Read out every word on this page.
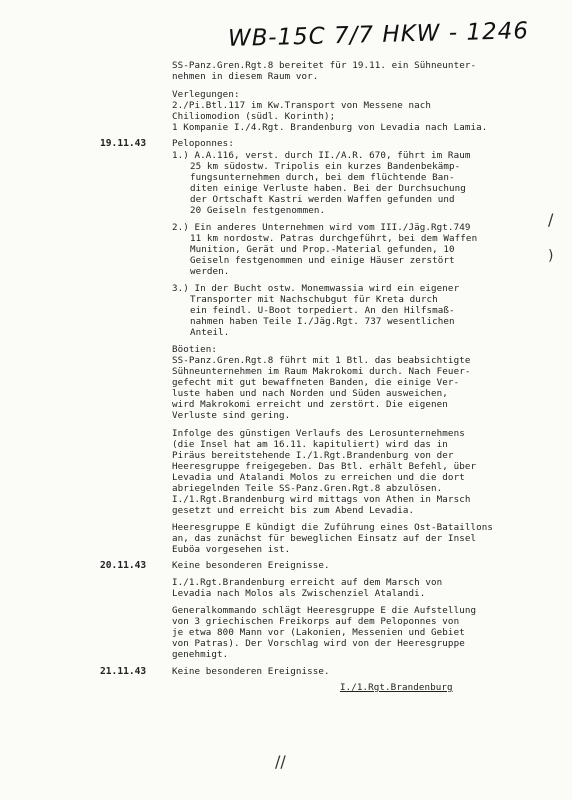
WB-15C 7/7 HKW - 1246
SS-Panz.Gren.Rgt.8 bereitet für 19.11. ein Sühneunter-
nehmen in diesem Raum vor.
Verlegungen:
2./Pi.Btl.117 im Kw.Transport von Messene nach
Chiliomodion (südl. Korinth);
1 Kompanie I./4.Rgt. Brandenburg von Levadia nach Lamia.
19.11.43	Peloponnes:
1.) A.A.116, verst. durch II./A.R. 670, führt im Raum
25 km südostw. Tripolis ein kurzes Bandenbekämp-
fungsunternehmen durch, bei dem flüchtende Ban-
diten einige Verluste haben. Bei der Durchsuchung
der Ortschaft Kastri werden Waffen gefunden und
20 Geiseln festgenommen.
2.) Ein anderes Unternehmen wird vom III./Jäg.Rgt.749
11 km nordostw. Patras durchgeführt, bei dem Waffen
Munition, Gerät und Prop.-Material gefunden, 10
Geiseln festgenommen und einige Häuser zerstört
werden.
3.) In der Bucht ostw. Monemwassia wird ein eigener
Transporter mit Nachschubgut für Kreta durch
ein feindl. U-Boot torpediert. An den Hilfsmaß-
nahmen haben Teile I./Jäg.Rgt. 737 wesentlichen
Anteil.
Böotien:
SS-Panz.Gren.Rgt.8 führt mit 1 Btl. das beabsichtigte
Sühneunternehmen im Raum Makrokomi durch. Nach Feuer-
gefecht mit gut bewaffneten Banden, die einige Ver-
luste haben und nach Norden und Süden ausweichen,
wird Makrokomi erreicht und zerstört. Die eigenen
Verluste sind gering.
Infolge des günstigen Verlaufs des Lerosunternehmens
(die Insel hat am 16.11. kapituliert) wird das in
Piräus bereitstehende I./1.Rgt.Brandenburg von der
Heeresgruppe freigegeben. Das Btl. erhält Befehl, über
Levadia und Atalandi Molos zu erreichen und die dort
abriegelnden Teile SS-Panz.Gren.Rgt.8 abzulösen.
I./1.Rgt.Brandenburg wird mittags von Athen in Marsch
gesetzt und erreicht bis zum Abend Levadia.
Heeresgruppe E kündigt die Zuführung eines Ost-Bataillons
an, das zunächst für beweglichen Einsatz auf der Insel
Euböa vorgesehen ist.
20.11.43	Keine besonderen Ereignisse.
I./1.Rgt.Brandenburg erreicht auf dem Marsch von
Levadia nach Molos als Zwischenziel Atalandi.
Generalkommando schlägt Heeresgruppe E die Aufstellung
von 3 griechischen Freikorps auf dem Peloponnes von
je etwa 800 Mann vor (Lakonien, Messenien und Gebiet
von Patras). Der Vorschlag wird von der Heeresgruppe
genehmigt.
21.11.43	Keine besonderen Ereignisse.
I./1.Rgt.Brandenburg
/
)
//
